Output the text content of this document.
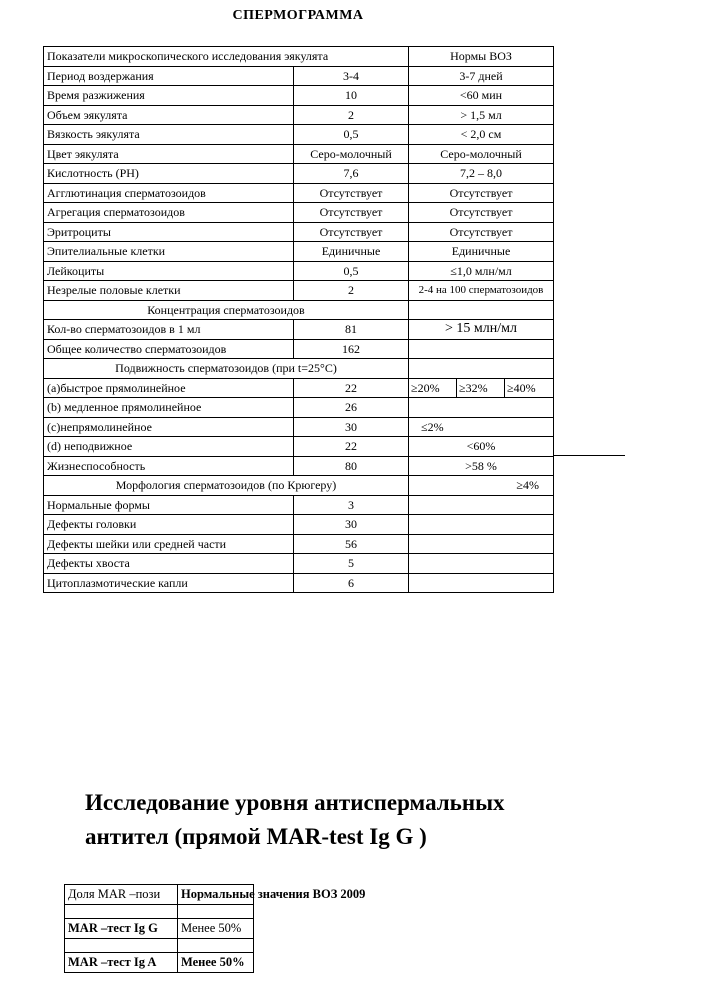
СПЕРМОГРАММА
Показатели микроскопического исследования эякулята		Нормы ВОЗ		
Период воздержания	3-4	3-7 дней		
Время разжижения	10	<60 мин		
Объем эякулята	2	> 1,5 мл		
Вязкость эякулята	0,5	< 2,0 см		
Цвет эякулята	Серо-молочный	Серо-молочный		
Кислотность (РН)	7,6	7,2 – 8,0		
Агглютинация сперматозоидов	Отсутствует	Отсутствует		
Агрегация сперматозоидов	Отсутствует	Отсутствует		
Эритроциты	Отсутствует	Отсутствует		
Эпителиальные клетки	Единичные	Единичные		
Лейкоциты	0,5	≤1,0 млн/мл		
Незрелые половые клетки	2	2-4 на 100 сперматозоидов		
Концентрация сперматозоидов				
Кол-во сперматозоидов в 1 мл	81	> 15 млн/мл		
Общее количество сперматозоидов	162			
Подвижность сперматозоидов (при t=25°C)				
(a)быстрое прямолинейное	22	≥20%	≥32%	≥40%
(b) медленное прямолинейное	26			
(c)непрямолинейное	30	≤2%		
(d) неподвижное	22	<60%		
Жизнеспособность	80	>58 %		
Морфология сперматозоидов (по Крюгеру)		≥4%		
Нормальные формы	3			
Дефекты головки	30			
Дефекты шейки или средней части	56			
Дефекты хвоста	5			
Цитоплазмотические капли	6			
Исследование уровня антиспермальных
антител (прямой MAR-test Ig G )
Доля MAR –пози	Нормальные значения ВОЗ 2009

MAR –тест Ig G	Менее 50%

MAR –тест Ig A	Менее 50%
